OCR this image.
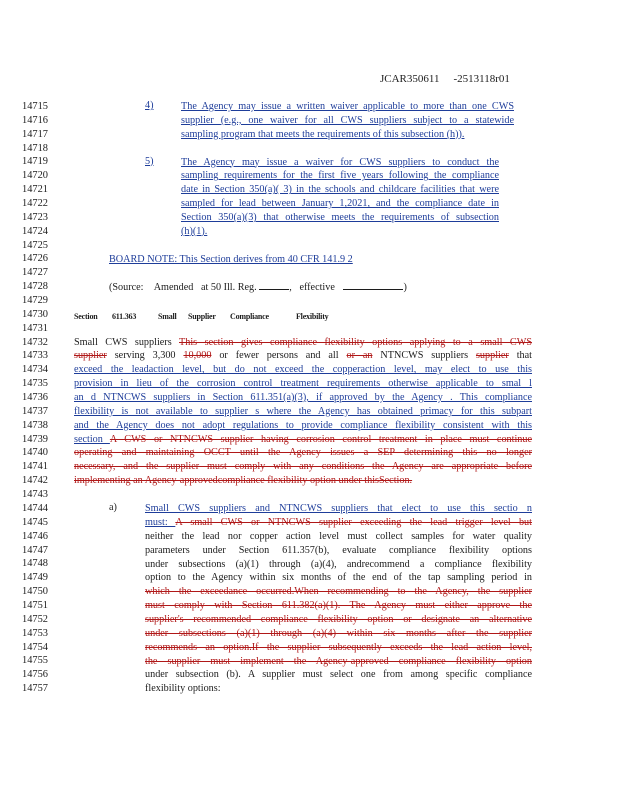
JCAR350611 -2513118r01
14715
14716
14717
14718
14719
14720
14721
14722
14723
14724
14725
14726
14727
14728
14729
14730
14731
14732
14733
14734
14735
14736
14737
14738
14739
14740
14741
14742
14743
14744
14745
14746
14747
14748
14749
14750
14751
14752
14753
14754
14755
14756
14757
4)	The Agency may issue a written waiver applicable to more than one CWS
supplier (e.g., one waiver for all CWS suppliers subject to a statewide
sampling program that meets the requirements of this subsection (h)).
5)	The Agency may issue a waiver for CWS suppliers to conduct the
sampling requirements for the first five years following the compliance
date in Section 350(a)( 3) in the schools and childcare facilities that were
sampled for lead between January 1,2021, and the compliance date in
Section 350(a)(3) that otherwise meets the requirements of subsection
(h)(1).
BOARD NOTE: This Section derives from 40 CFR 141.9 2
(Source: Amended at 50 Ill. Reg.	,   effective	)
Section 611.363	Small Supplier Compliance	Flexibility
Small CWS suppliers This section gives compliance flexibility options applying to a small CWS
supplier serving 3,300 10,000 or fewer persons and all or an NTNCWS suppliers supplier that
exceed the leadaction level, but do not exceed the copperaction level, may elect to use this
provision in lieu of the corrosion control treatment requirements otherwise applicable to smal l
an d NTNCWS suppliers in Section 611.351(a)(3), if approved by the Agency . This compliance
flexibility is not available to supplier s where the Agency has obtained primacy for this subpart
and the Agency does not adopt regulations to provide compliance flexibility consistent with this
section A CWS or NTNCWS supplier having corrosion control treatment in place must continue
operating and maintaining OCCT until the Agency issues a SEP determining this no longer
necessary, and the supplier must comply with any conditions the Agency are appropriate before
implementing an Agency-approvedcompliance flexibility option under thisSection.
a)	Small CWS suppliers and NTNCWS suppliers that elect to use this sectio n
must: A small CWS or NTNCWS supplier exceeding the lead trigger level but
neither the lead nor copper action level must collect samples for water quality
parameters under Section 611.357(b), evaluate compliance flexibility options
under subsections (a)(1) through (a)(4), andrecommend a compliance flexibility
option to the Agency within six months of the end of the tap sampling period in
which the exceedance occurred.When recommending to the Agency, the supplier
must comply with Section 611.382(a)(1). The Agency must either approve the
supplier's recommended compliance flexibility option or designate an alternative
under subsections (a)(1) through (a)(4) within six months after the supplier
recommends an option.If the supplier subsequently exceeds the lead action level,
the supplier must implement the Agency-approved compliance flexibility option
under subsection (b). A supplier must select one from among specific compliance
flexibility options:
